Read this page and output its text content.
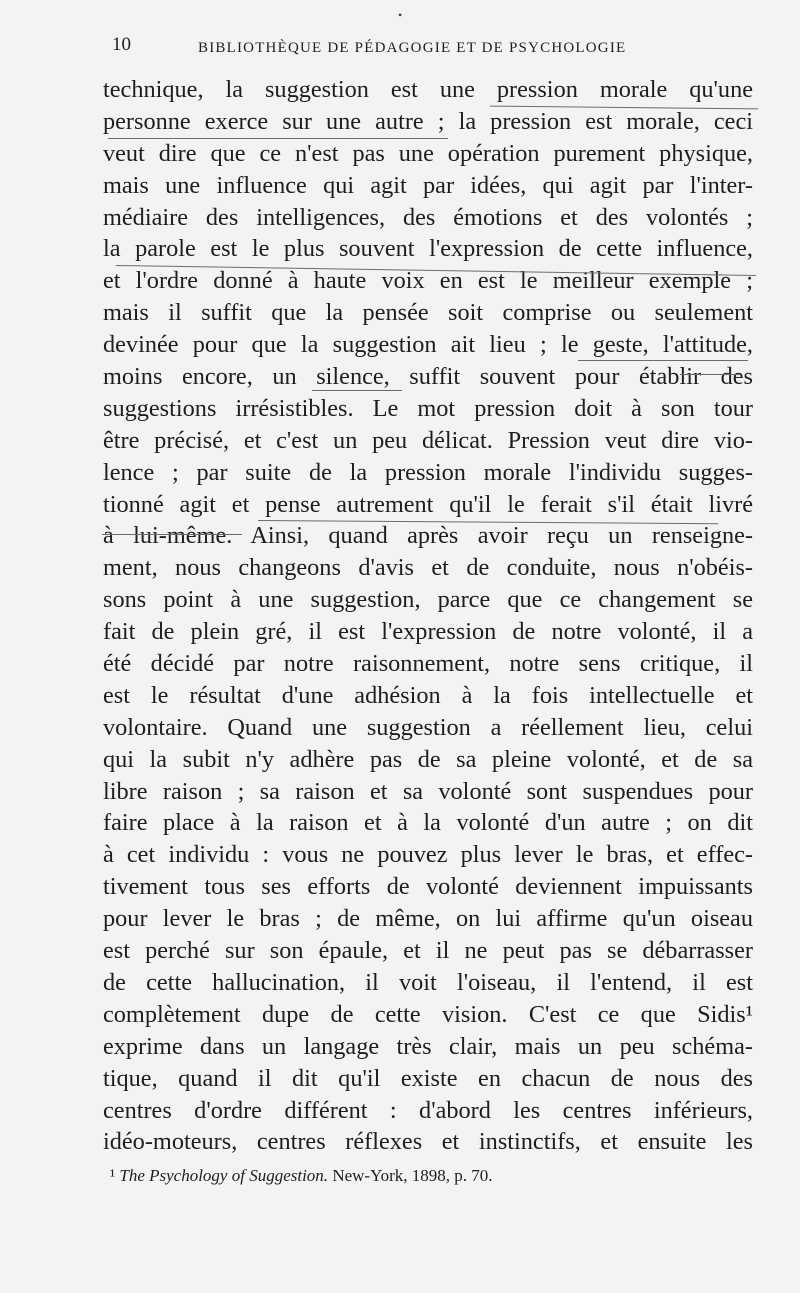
•
10	BIBLIOTHÈQUE DE PÉDAGOGIE ET DE PSYCHOLOGIE
technique, la suggestion est une pression morale qu'une
personne exerce sur une autre ; la pression est morale, ceci
veut dire que ce n'est pas une opération purement physique,
mais une influence qui agit par idées, qui agit par l'inter-
médiaire des intelligences, des émotions et des volontés ;
la parole est le plus souvent l'expression de cette influence,
et l'ordre donné à haute voix en est le meilleur exemple ;
mais il suffit que la pensée soit comprise ou seulement
devinée pour que la suggestion ait lieu ; le geste, l'attitude,
moins encore, un silence, suffit souvent pour établir des
suggestions irrésistibles. Le mot pression doit à son tour
être précisé, et c'est un peu délicat. Pression veut dire vio-
lence ; par suite de la pression morale l'individu sugges-
tionné agit et pense autrement qu'il le ferait s'il était livré
à lui-même. Ainsi, quand après avoir reçu un renseigne-
ment, nous changeons d'avis et de conduite, nous n'obéis-
sons point à une suggestion, parce que ce changement se
fait de plein gré, il est l'expression de notre volonté, il a
été décidé par notre raisonnement, notre sens critique, il
est le résultat d'une adhésion à la fois intellectuelle et
volontaire. Quand une suggestion a réellement lieu, celui
qui la subit n'y adhère pas de sa pleine volonté, et de sa
libre raison ; sa raison et sa volonté sont suspendues pour
faire place à la raison et à la volonté d'un autre ; on dit
à cet individu : vous ne pouvez plus lever le bras, et effec-
tivement tous ses efforts de volonté deviennent impuissants
pour lever le bras ; de même, on lui affirme qu'un oiseau
est perché sur son épaule, et il ne peut pas se débarrasser
de cette hallucination, il voit l'oiseau, il l'entend, il est
complètement dupe de cette vision. C'est ce que Sidis¹
exprime dans un langage très clair, mais un peu schéma-
tique, quand il dit qu'il existe en chacun de nous des
centres d'ordre différent : d'abord les centres inférieurs,
idéo-moteurs, centres réflexes et instinctifs, et ensuite les
¹ The Psychology of Suggestion. New-York, 1898, p. 70.
